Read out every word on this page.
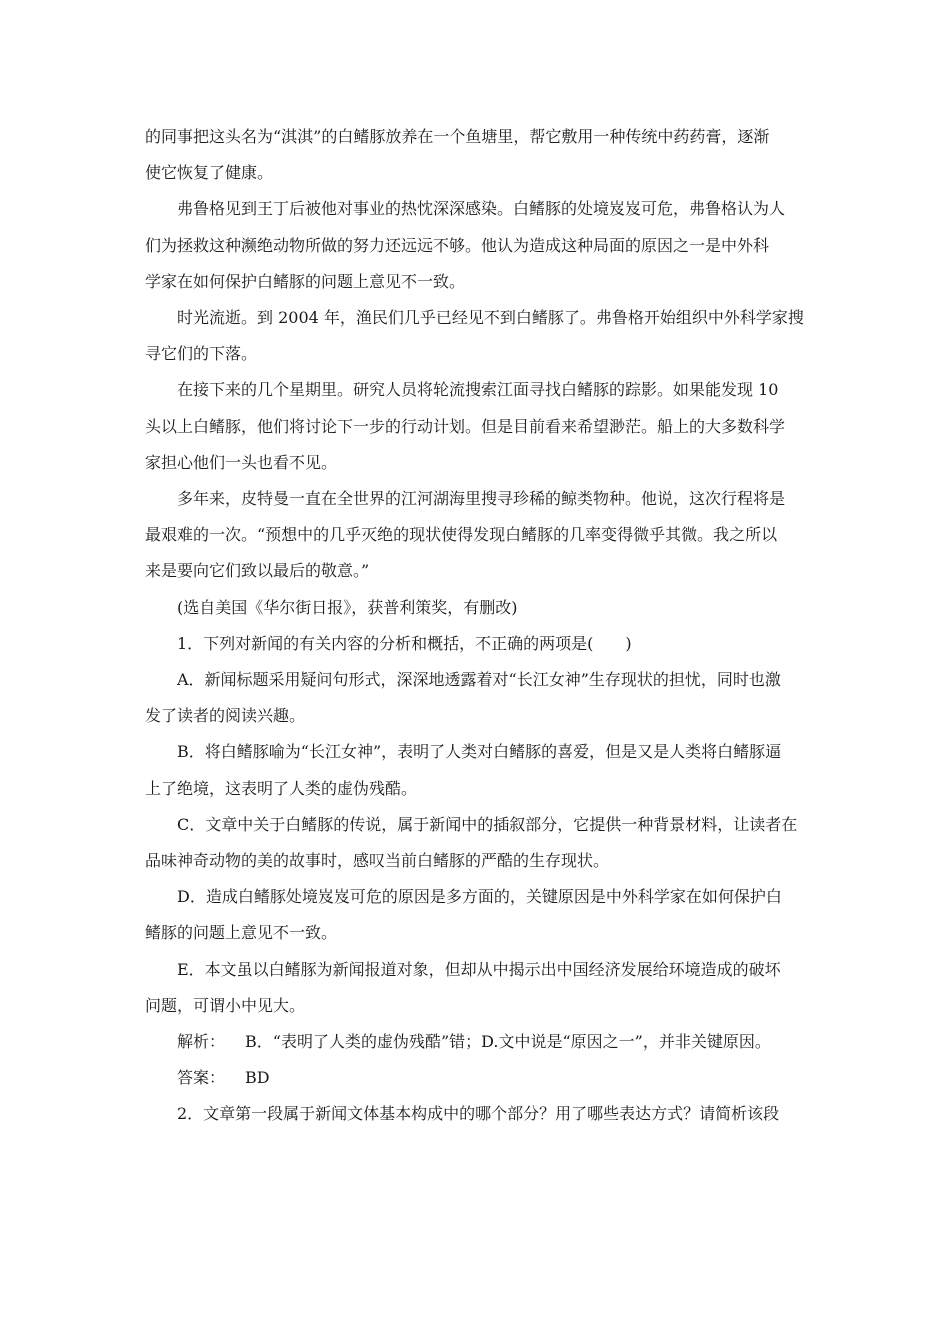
的同事把这头名为“淇淇”的白鳍豚放养在一个鱼塘里，帮它敷用一种传统中药药膏，逐渐
使它恢复了健康。

弗鲁格见到王丁后被他对事业的热忱深深感染。白鳍豚的处境岌岌可危，弗鲁格认为人
们为拯救这种濒绝动物所做的努力还远远不够。他认为造成这种局面的原因之一是中外科
学家在如何保护白鳍豚的问题上意见不一致。

时光流逝。到 2004 年，渔民们几乎已经见不到白鳍豚了。弗鲁格开始组织中外科学家搜
寻它们的下落。

在接下来的几个星期里。研究人员将轮流搜索江面寻找白鳍豚的踪影。如果能发现 10
头以上白鳍豚，他们将讨论下一步的行动计划。但是目前看来希望渺茫。船上的大多数科学
家担心他们一头也看不见。

多年来，皮特曼一直在全世界的江河湖海里搜寻珍稀的鲸类物种。他说，这次行程将是
最艰难的一次。“预想中的几乎灭绝的现状使得发现白鳍豚的几率变得微乎其微。我之所以
来是要向它们致以最后的敬意。”

(选自美国《华尔街日报》，获普利策奖，有删改)

1．下列对新闻的有关内容的分析和概括，不正确的两项是(　　)

A．新闻标题采用疑问句形式，深深地透露着对“长江女神”生存现状的担忧，同时也激
发了读者的阅读兴趣。

B．将白鳍豚喻为“长江女神”，表明了人类对白鳍豚的喜爱，但是又是人类将白鳍豚逼
上了绝境，这表明了人类的虚伪残酷。

C．文章中关于白鳍豚的传说，属于新闻中的插叙部分，它提供一种背景材料，让读者在
品味神奇动物的美的故事时，感叹当前白鳍豚的严酷的生存现状。

D．造成白鳍豚处境岌岌可危的原因是多方面的，关键原因是中外科学家在如何保护白
鳍豚的问题上意见不一致。

E．本文虽以白鳍豚为新闻报道对象，但却从中揭示出中国经济发展给环境造成的破坏
问题，可谓小中见大。

解析： B．“表明了人类的虚伪残酷”错；D.文中说是“原因之一”，并非关键原因。

答案： BD

2．文章第一段属于新闻文体基本构成中的哪个部分？用了哪些表达方式？请简析该段
